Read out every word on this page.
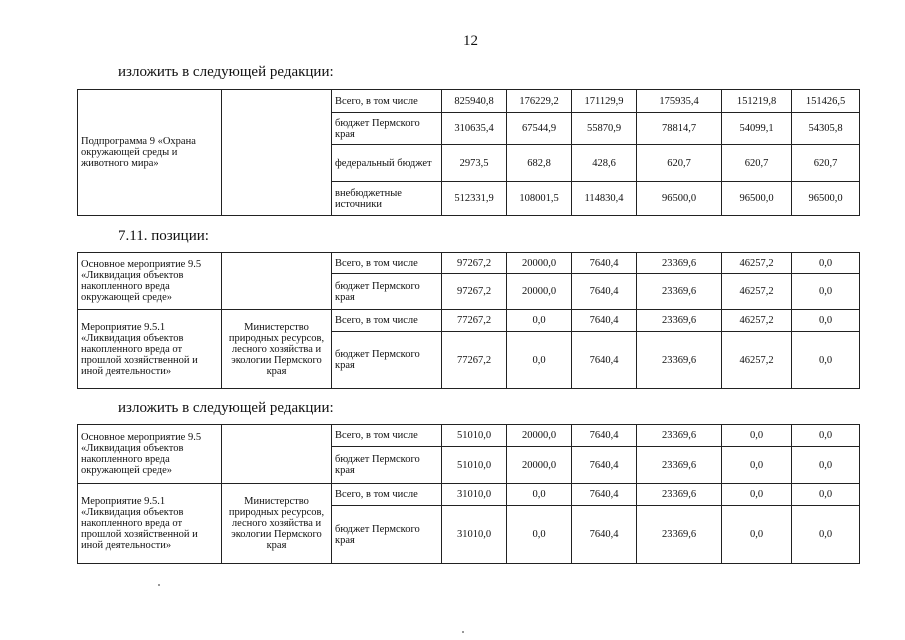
12
изложить в следующей редакции:
Подпрограмма 9 «Охрана окружающей среды и животного мира»		Всего, в том числе	825940,8	176229,2	171129,9	175935,4	151219,8	151426,5
		бюджет Пермского края	310635,4	67544,9	55870,9	78814,7	54099,1	54305,8
		федеральный бюджет	2973,5	682,8	428,6	620,7	620,7	620,7
		внебюджетные источники	512331,9	108001,5	114830,4	96500,0	96500,0	96500,0
7.11. позиции:
Основное мероприятие 9.5 «Ликвидация объектов накопленного вреда окружающей среде»		Всего, в том числе	97267,2	20000,0	7640,4	23369,6	46257,2	0,0
		бюджет Пермского края	97267,2	20000,0	7640,4	23369,6	46257,2	0,0
Мероприятие 9.5.1 «Ликвидация объектов накопленного вреда от прошлой хозяйственной и иной деятельности»	Министерство природных ресурсов, лесного хозяйства и экологии Пермского края	Всего, в том числе	77267,2	0,0	7640,4	23369,6	46257,2	0,0
		бюджет Пермского края	77267,2	0,0	7640,4	23369,6	46257,2	0,0
изложить в следующей редакции:
Основное мероприятие 9.5 «Ликвидация объектов накопленного вреда окружающей среде»		Всего, в том числе	51010,0	20000,0	7640,4	23369,6	0,0	0,0
		бюджет Пермского края	51010,0	20000,0	7640,4	23369,6	0,0	0,0
Мероприятие 9.5.1 «Ликвидация объектов накопленного вреда от прошлой хозяйственной и иной деятельности»	Министерство природных ресурсов, лесного хозяйства и экологии Пермского края	Всего, в том числе	31010,0	0,0	7640,4	23369,6	0,0	0,0
		бюджет Пермского края	31010,0	0,0	7640,4	23369,6	0,0	0,0
